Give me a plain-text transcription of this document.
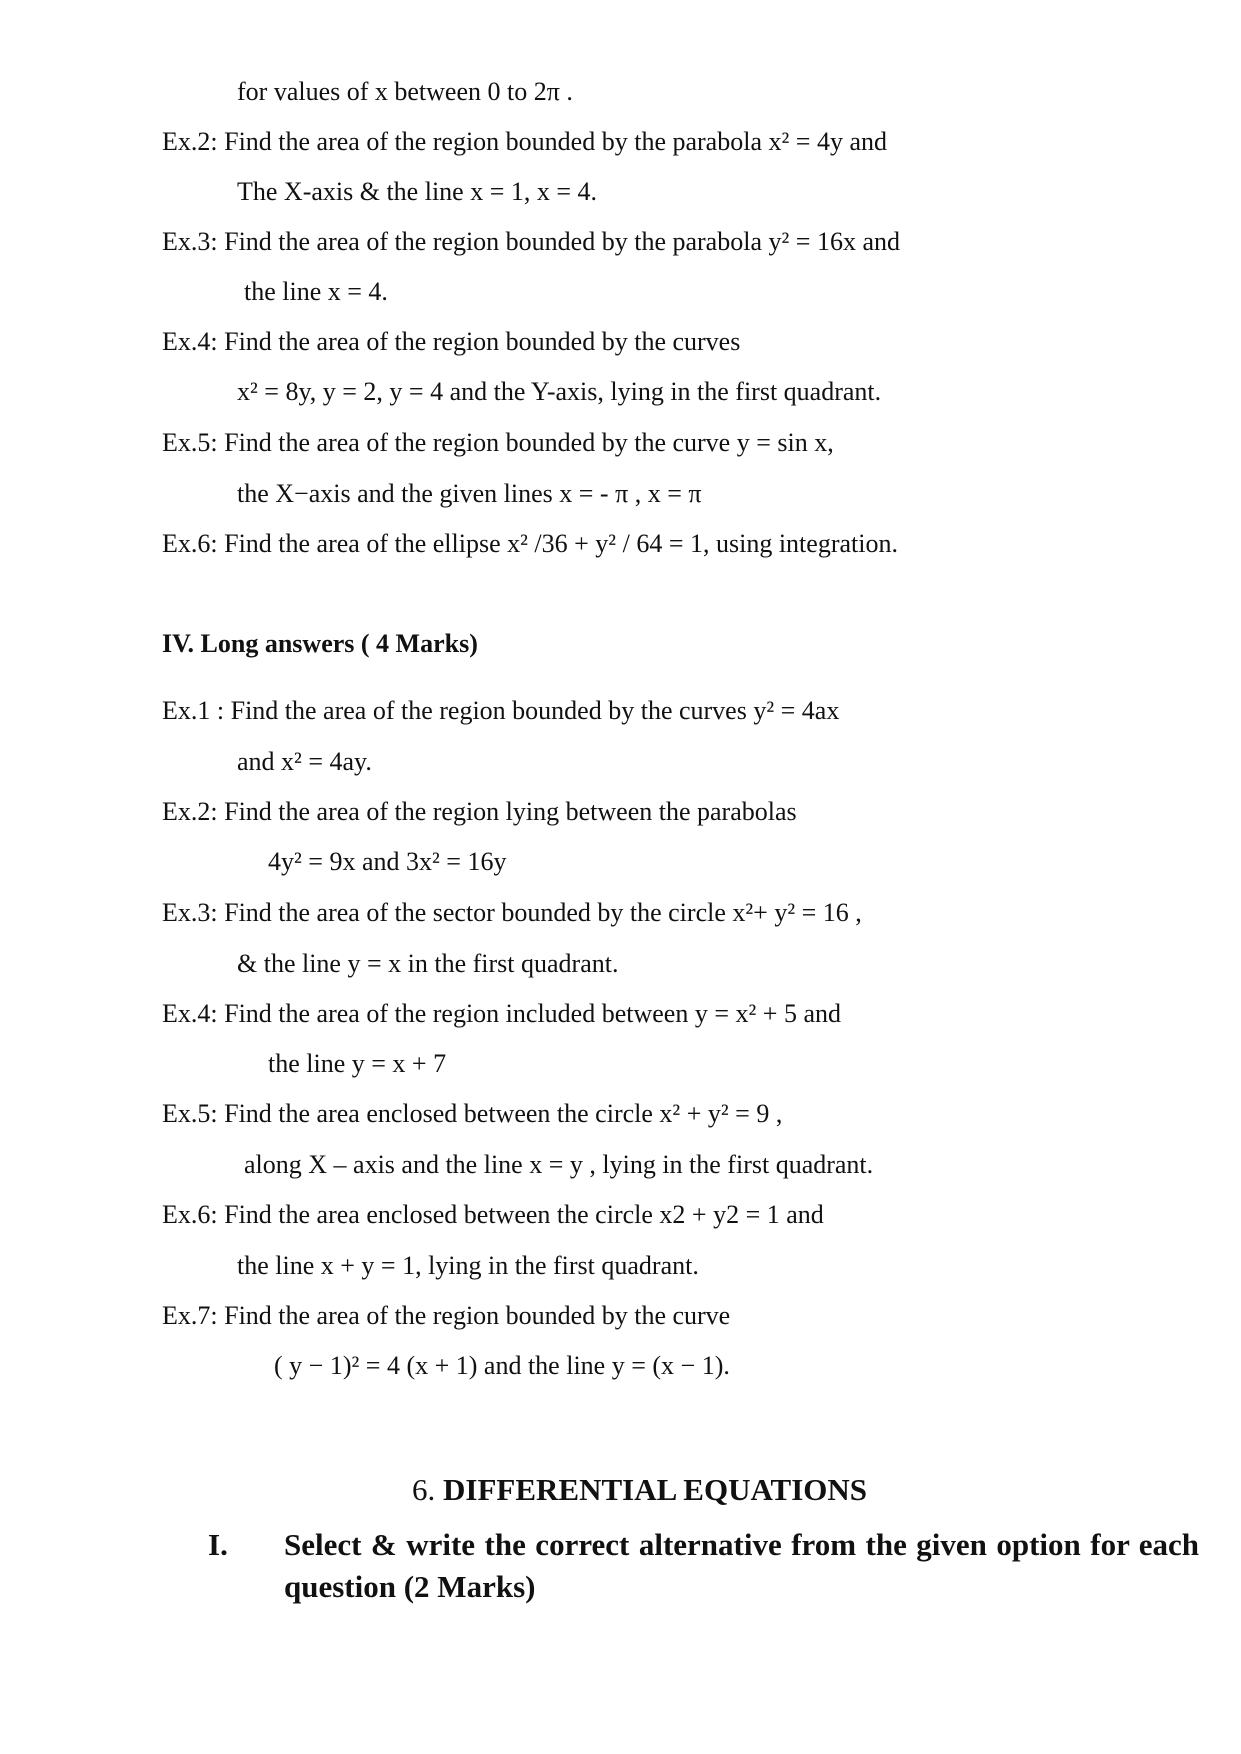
for values of x between 0 to 2π .
Ex.2: Find the area of the region bounded by the parabola x² = 4y and
The X-axis & the line x = 1, x = 4.
Ex.3: Find the area of the region bounded by the parabola y² = 16x and
the line x = 4.
Ex.4: Find the area of the region bounded by the curves
x² = 8y, y = 2, y = 4 and the Y-axis, lying in the first quadrant.
Ex.5: Find the area of the region bounded by the curve y = sin x,
the X−axis and the given lines x = - π , x = π
Ex.6: Find the area of the ellipse x² /36 + y² / 64 = 1, using integration.
IV. Long answers ( 4 Marks)
Ex.1 : Find the area of the region bounded by the curves y² = 4ax
and x² = 4ay.
Ex.2: Find the area of the region lying between the parabolas
4y² = 9x and 3x² = 16y
Ex.3: Find the area of the sector bounded by the circle x²+ y² = 16 ,
& the line y = x in the first quadrant.
Ex.4: Find the area of the region included between y = x² + 5 and
the line y = x + 7
Ex.5: Find the area enclosed between the circle x² + y² = 9 ,
along X – axis and the line x = y , lying in the first quadrant.
Ex.6: Find the area enclosed between the circle x2 + y2 = 1 and
the line x + y = 1, lying in the first quadrant.
Ex.7: Find the area of the region bounded by the curve
( y − 1)² = 4 (x + 1) and the line y = (x − 1).
6. DIFFERENTIAL EQUATIONS
I. Select & write the correct alternative from the given option for each question (2 Marks)
